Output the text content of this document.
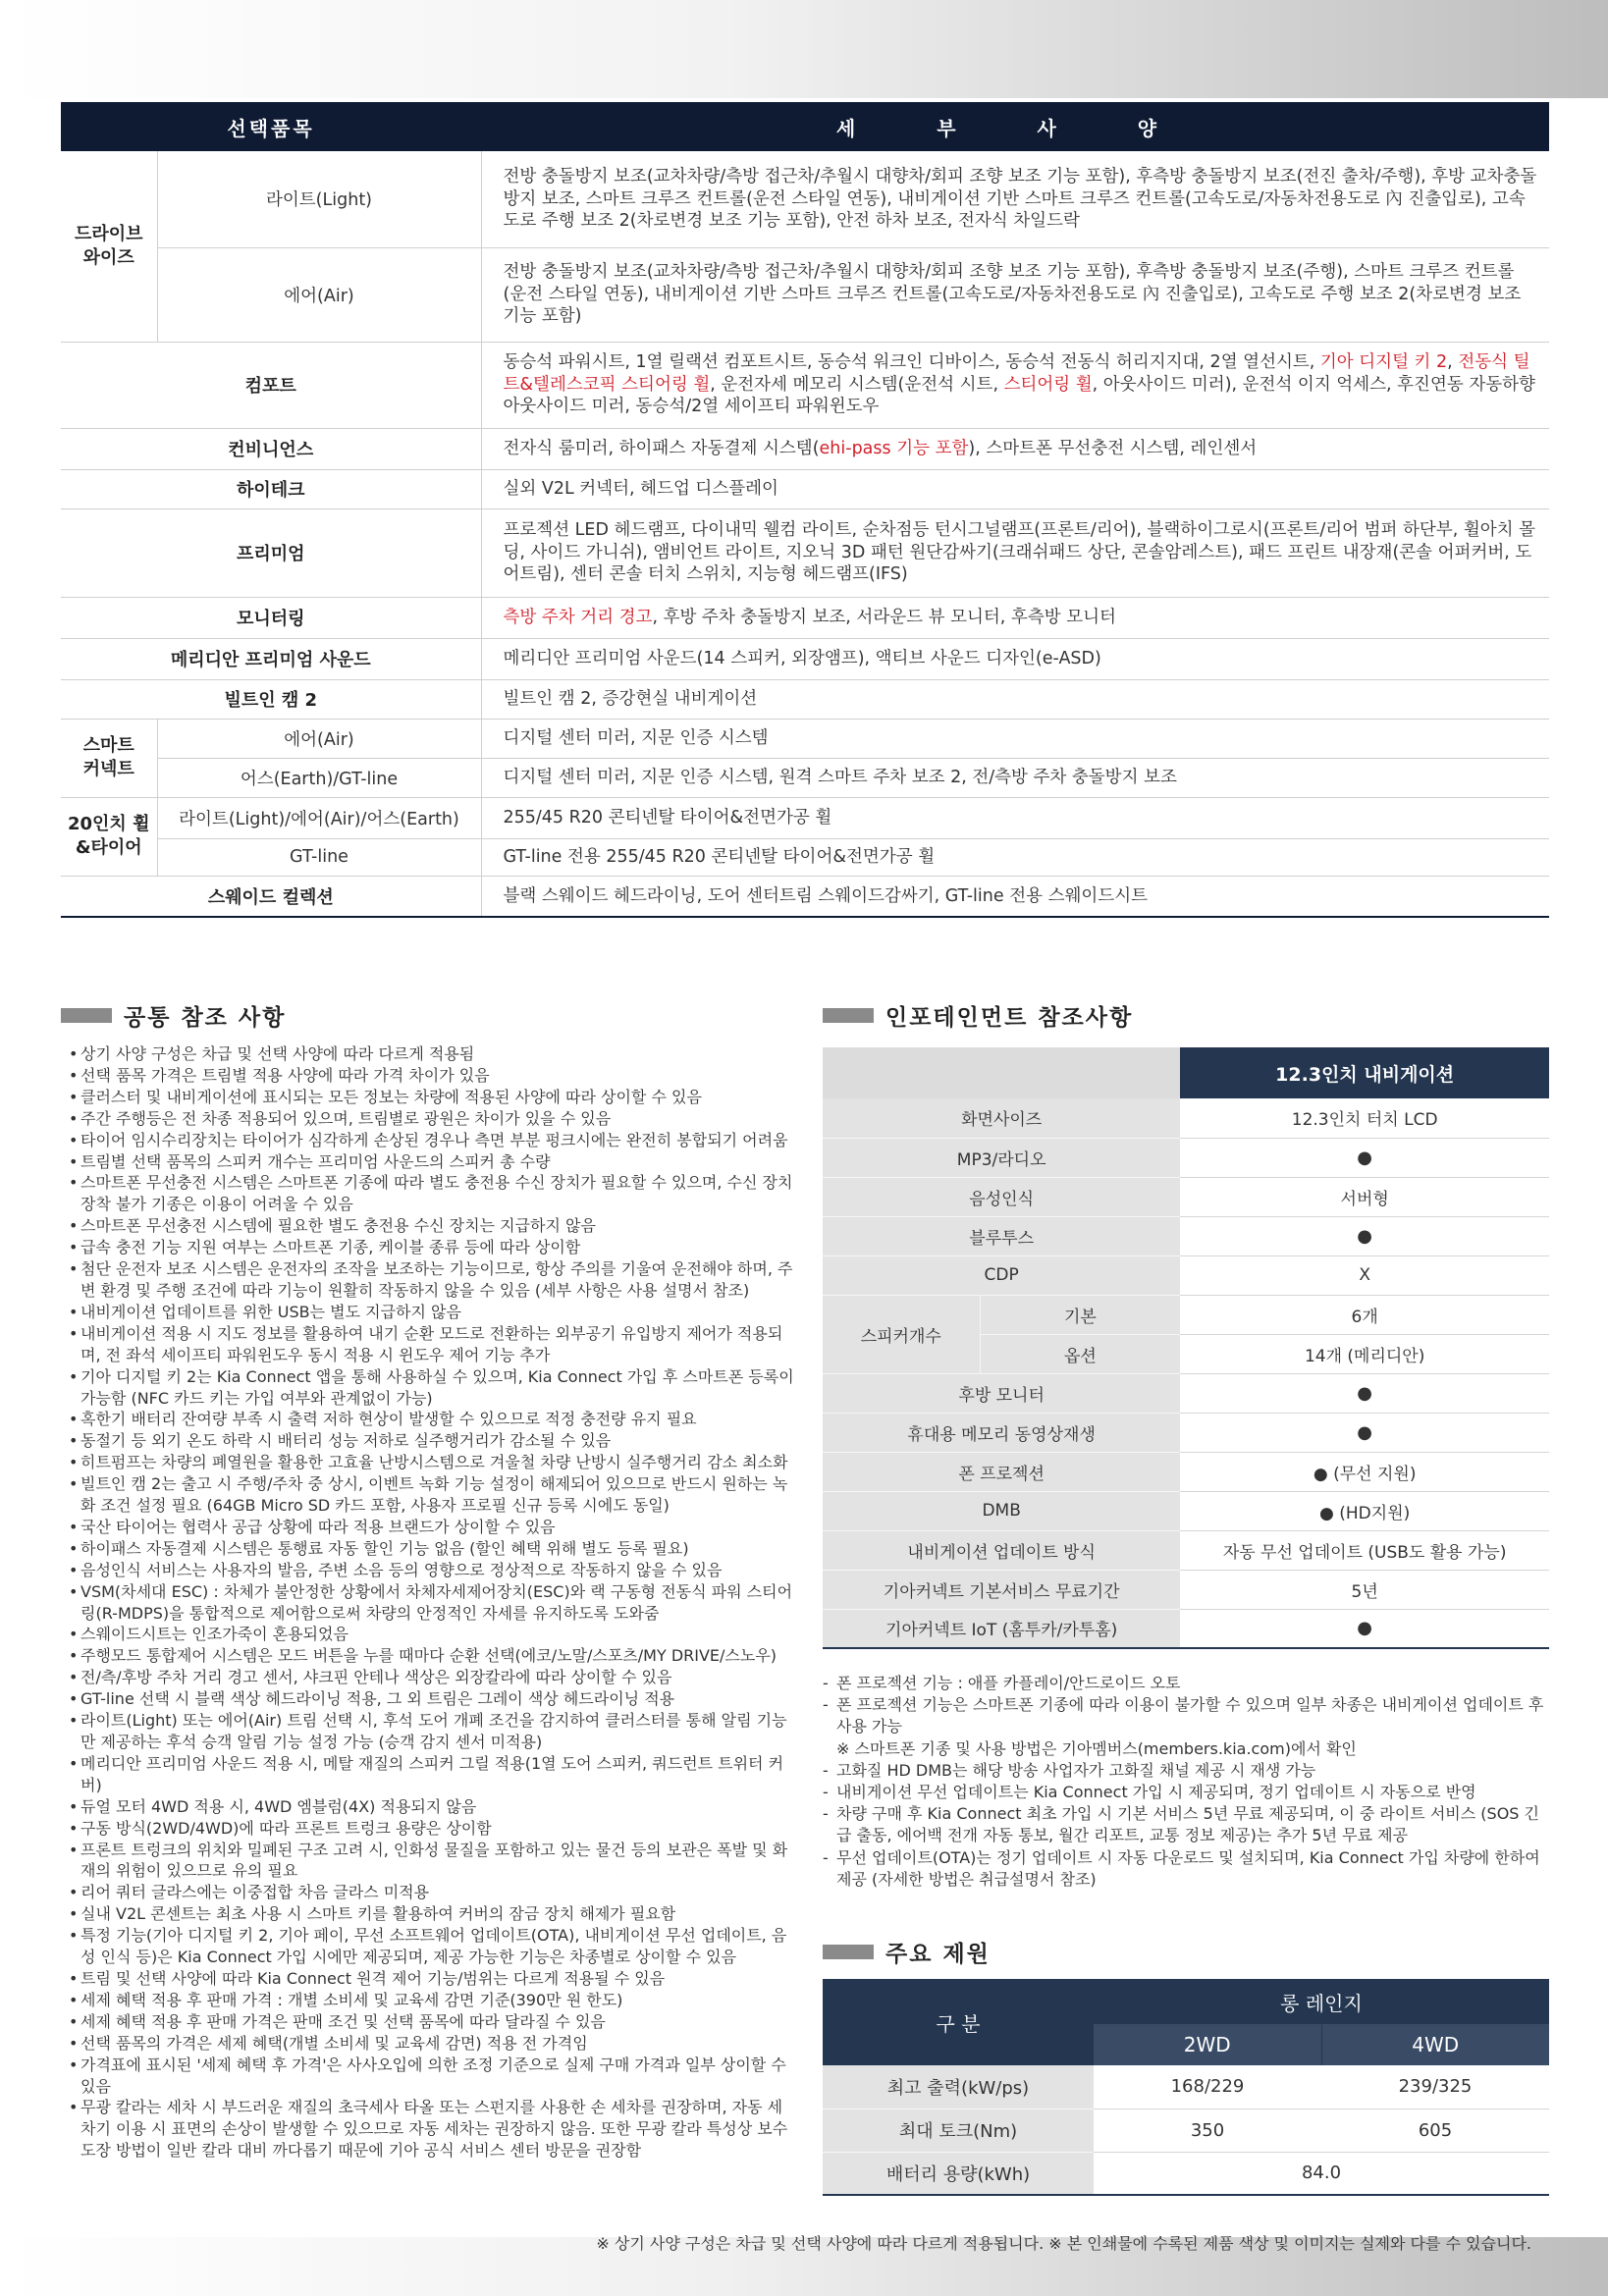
선택품목		세 부 사 양
드라이브
와이즈	라이트(Light)	전방 충돌방지 보조(교차차량/측방 접근차/추월시 대향차/회피 조향 보조 기능 포함), 후측방 충돌방지 보조(전진 출차/주행), 후방 교차충돌방지 보조, 스마트 크루즈 컨트롤(운전 스타일 연동), 내비게이션 기반 스마트 크루즈 컨트롤(고속도로/자동차전용도로 內 진출입로), 고속도로 주행 보조 2(차로변경 보조 기능 포함), 안전 하차 보조, 전자식 차일드락
	에어(Air)	전방 충돌방지 보조(교차차량/측방 접근차/추월시 대향차/회피 조향 보조 기능 포함), 후측방 충돌방지 보조(주행), 스마트 크루즈 컨트롤(운전 스타일 연동), 내비게이션 기반 스마트 크루즈 컨트롤(고속도로/자동차전용도로 內 진출입로), 고속도로 주행 보조 2(차로변경 보조 기능 포함)
컴포트		동승석 파워시트, 1열 릴랙션 컴포트시트, 동승석 워크인 디바이스, 동승석 전동식 허리지지대, 2열 열선시트, 기아 디지털 키 2, 전동식 틸트&텔레스코픽 스티어링 휠, 운전자세 메모리 시스템(운전석 시트, 스티어링 휠, 아웃사이드 미러), 운전석 이지 억세스, 후진연동 자동하향 아웃사이드 미러, 동승석/2열 세이프티 파워윈도우
컨비니언스		전자식 룸미러, 하이패스 자동결제 시스템(ehi-pass 기능 포함), 스마트폰 무선충전 시스템, 레인센서
하이테크		실외 V2L 커넥터, 헤드업 디스플레이
프리미엄		프로젝션 LED 헤드램프, 다이내믹 웰컴 라이트, 순차점등 턴시그널램프(프론트/리어), 블랙하이그로시(프론트/리어 범퍼 하단부, 휠아치 몰딩, 사이드 가니쉬), 앰비언트 라이트, 지오닉 3D 패턴 원단감싸기(크래쉬패드 상단, 콘솔암레스트), 패드 프린트 내장재(콘솔 어퍼커버, 도어트림), 센터 콘솔 터치 스위치, 지능형 헤드램프(IFS)
모니터링		측방 주차 거리 경고, 후방 주차 충돌방지 보조, 서라운드 뷰 모니터, 후측방 모니터
메리디안 프리미엄 사운드		메리디안 프리미엄 사운드(14 스피커, 외장앰프), 액티브 사운드 디자인(e-ASD)
빌트인 캠 2		빌트인 캠 2, 증강현실 내비게이션
스마트
커넥트	에어(Air)	디지털 센터 미러, 지문 인증 시스템
	어스(Earth)/GT-line	디지털 센터 미러, 지문 인증 시스템, 원격 스마트 주차 보조 2, 전/측방 주차 충돌방지 보조
20인치 휠
&타이어	라이트(Light)/에어(Air)/어스(Earth)	255/45 R20 콘티넨탈 타이어&전면가공 휠
	GT-line	GT-line 전용 255/45 R20 콘티넨탈 타이어&전면가공 휠
스웨이드 컬렉션		블랙 스웨이드 헤드라이닝, 도어 센터트림 스웨이드감싸기, GT-line 전용 스웨이드시트
공통 참조 사항
• 상기 사양 구성은 차급 및 선택 사양에 따라 다르게 적용됨
• 선택 품목 가격은 트림별 적용 사양에 따라 가격 차이가 있음
• 클러스터 및 내비게이션에 표시되는 모든 정보는 차량에 적용된 사양에 따라 상이할 수 있음
• 주간 주행등은 전 차종 적용되어 있으며, 트림별로 광원은 차이가 있을 수 있음
• 타이어 임시수리장치는 타이어가 심각하게 손상된 경우나 측면 부분 펑크시에는 완전히 봉합되기 어려움
• 트림별 선택 품목의 스피커 개수는 프리미엄 사운드의 스피커 총 수량
• 스마트폰 무선충전 시스템은 스마트폰 기종에 따라 별도 충전용 수신 장치가 필요할 수 있으며, 수신 장치 장착 불가 기종은 이용이 어려울 수 있음
• 스마트폰 무선충전 시스템에 필요한 별도 충전용 수신 장치는 지급하지 않음
• 급속 충전 기능 지원 여부는 스마트폰 기종, 케이블 종류 등에 따라 상이함
• 첨단 운전자 보조 시스템은 운전자의 조작을 보조하는 기능이므로, 항상 주의를 기울여 운전해야 하며, 주변 환경 및 주행 조건에 따라 기능이 원활히 작동하지 않을 수 있음 (세부 사항은 사용 설명서 참조)
• 내비게이션 업데이트를 위한 USB는 별도 지급하지 않음
• 내비게이션 적용 시 지도 정보를 활용하여 내기 순환 모드로 전환하는 외부공기 유입방지 제어가 적용되며, 전 좌석 세이프티 파워윈도우 동시 적용 시 윈도우 제어 기능 추가
• 기아 디지털 키 2는 Kia Connect 앱을 통해 사용하실 수 있으며, Kia Connect 가입 후 스마트폰 등록이 가능함 (NFC 카드 키는 가입 여부와 관계없이 가능)
• 혹한기 배터리 잔여량 부족 시 출력 저하 현상이 발생할 수 있으므로 적정 충전량 유지 필요
• 동절기 등 외기 온도 하락 시 배터리 성능 저하로 실주행거리가 감소될 수 있음
• 히트펌프는 차량의 폐열원을 활용한 고효율 난방시스템으로 겨울철 차량 난방시 실주행거리 감소 최소화
• 빌트인 캠 2는 출고 시 주행/주차 중 상시, 이벤트 녹화 기능 설정이 해제되어 있으므로 반드시 원하는 녹화 조건 설정 필요 (64GB Micro SD 카드 포함, 사용자 프로필 신규 등록 시에도 동일)
• 국산 타이어는 협력사 공급 상황에 따라 적용 브랜드가 상이할 수 있음
• 하이패스 자동결제 시스템은 통행료 자동 할인 기능 없음 (할인 혜택 위해 별도 등록 필요)
• 음성인식 서비스는 사용자의 발음, 주변 소음 등의 영향으로 정상적으로 작동하지 않을 수 있음
• VSM(차세대 ESC) : 차체가 불안정한 상황에서 차체자세제어장치(ESC)와 랙 구동형 전동식 파워 스티어링(R-MDPS)을 통합적으로 제어함으로써 차량의 안정적인 자세를 유지하도록 도와줌
• 스웨이드시트는 인조가죽이 혼용되었음
• 주행모드 통합제어 시스템은 모드 버튼을 누를 때마다 순환 선택(에코/노말/스포츠/MY DRIVE/스노우)
• 전/측/후방 주차 거리 경고 센서, 샤크핀 안테나 색상은 외장칼라에 따라 상이할 수 있음
• GT-line 선택 시 블랙 색상 헤드라이닝 적용, 그 외 트림은 그레이 색상 헤드라이닝 적용
• 라이트(Light) 또는 에어(Air) 트림 선택 시, 후석 도어 개폐 조건을 감지하여 클러스터를 통해 알림 기능만 제공하는 후석 승객 알림 기능 설정 가능 (승객 감지 센서 미적용)
• 메리디안 프리미엄 사운드 적용 시, 메탈 재질의 스피커 그릴 적용(1열 도어 스피커, 쿼드런트 트위터 커버)
• 듀얼 모터 4WD 적용 시, 4WD 엠블럼(4X) 적용되지 않음
• 구동 방식(2WD/4WD)에 따라 프론트 트렁크 용량은 상이함
• 프론트 트렁크의 위치와 밀폐된 구조 고려 시, 인화성 물질을 포함하고 있는 물건 등의 보관은 폭발 및 화재의 위험이 있으므로 유의 필요
• 리어 쿼터 글라스에는 이중접합 차음 글라스 미적용
• 실내 V2L 콘센트는 최초 사용 시 스마트 키를 활용하여 커버의 잠금 장치 해제가 필요함
• 특정 기능(기아 디지털 키 2, 기아 페이, 무선 소프트웨어 업데이트(OTA), 내비게이션 무선 업데이트, 음성 인식 등)은 Kia Connect 가입 시에만 제공되며, 제공 가능한 기능은 차종별로 상이할 수 있음
• 트림 및 선택 사양에 따라 Kia Connect 원격 제어 기능/범위는 다르게 적용될 수 있음
• 세제 혜택 적용 후 판매 가격 : 개별 소비세 및 교육세 감면 기준(390만 원 한도)
• 세제 혜택 적용 후 판매 가격은 판매 조건 및 선택 품목에 따라 달라질 수 있음
• 선택 품목의 가격은 세제 혜택(개별 소비세 및 교육세 감면) 적용 전 가격임
• 가격표에 표시된 '세제 혜택 후 가격'은 사사오입에 의한 조정 기준으로 실제 구매 가격과 일부 상이할 수 있음
• 무광 칼라는 세차 시 부드러운 재질의 초극세사 타올 또는 스펀지를 사용한 손 세차를 권장하며, 자동 세차기 이용 시 표면의 손상이 발생할 수 있으므로 자동 세차는 권장하지 않음. 또한 무광 칼라 특성상 보수 도장 방법이 일반 칼라 대비 까다롭기 때문에 기아 공식 서비스 센터 방문을 권장함
인포테인먼트 참조사항
		12.3인치 내비게이션
화면사이즈		12.3인치 터치 LCD
MP3/라디오		●
음성인식		서버형
블루투스		●
CDP		X
스피커개수	기본	6개
	옵션	14개 (메리디안)
후방 모니터		●
휴대용 메모리 동영상재생		●
폰 프로젝션		● (무선 지원)
DMB		● (HD지원)
내비게이션 업데이트 방식		자동 무선 업데이트 (USB도 활용 가능)
기아커넥트 기본서비스 무료기간		5년
기아커넥트 IoT (홈투카/카투홈)		●
- 폰 프로젝션 기능 : 애플 카플레이/안드로이드 오토
- 폰 프로젝션 기능은 스마트폰 기종에 따라 이용이 불가할 수 있으며 일부 차종은 내비게이션 업데이트 후 사용 가능
※ 스마트폰 기종 및 사용 방법은 기아멤버스(members.kia.com)에서 확인
- 고화질 HD DMB는 해당 방송 사업자가 고화질 채널 제공 시 재생 가능
- 내비게이션 무선 업데이트는 Kia Connect 가입 시 제공되며, 정기 업데이트 시 자동으로 반영
- 차량 구매 후 Kia Connect 최초 가입 시 기본 서비스 5년 무료 제공되며, 이 중 라이트 서비스 (SOS 긴급 출동, 에어백 전개 자동 통보, 월간 리포트, 교통 정보 제공)는 추가 5년 무료 제공
- 무선 업데이트(OTA)는 정기 업데이트 시 자동 다운로드 및 설치되며, Kia Connect 가입 차량에 한하여 제공 (자세한 방법은 취급설명서 참조)
주요 제원
구 분	롱 레인지	
	2WD	4WD
최고 출력(kW/ps)	168/229	239/325
최대 토크(Nm)	350	605
배터리 용량(kWh)	84.0	
※ 상기 사양 구성은 차급 및 선택 사양에 따라 다르게 적용됩니다. ※ 본 인쇄물에 수록된 제품 색상 및 이미지는 실제와 다를 수 있습니다.
